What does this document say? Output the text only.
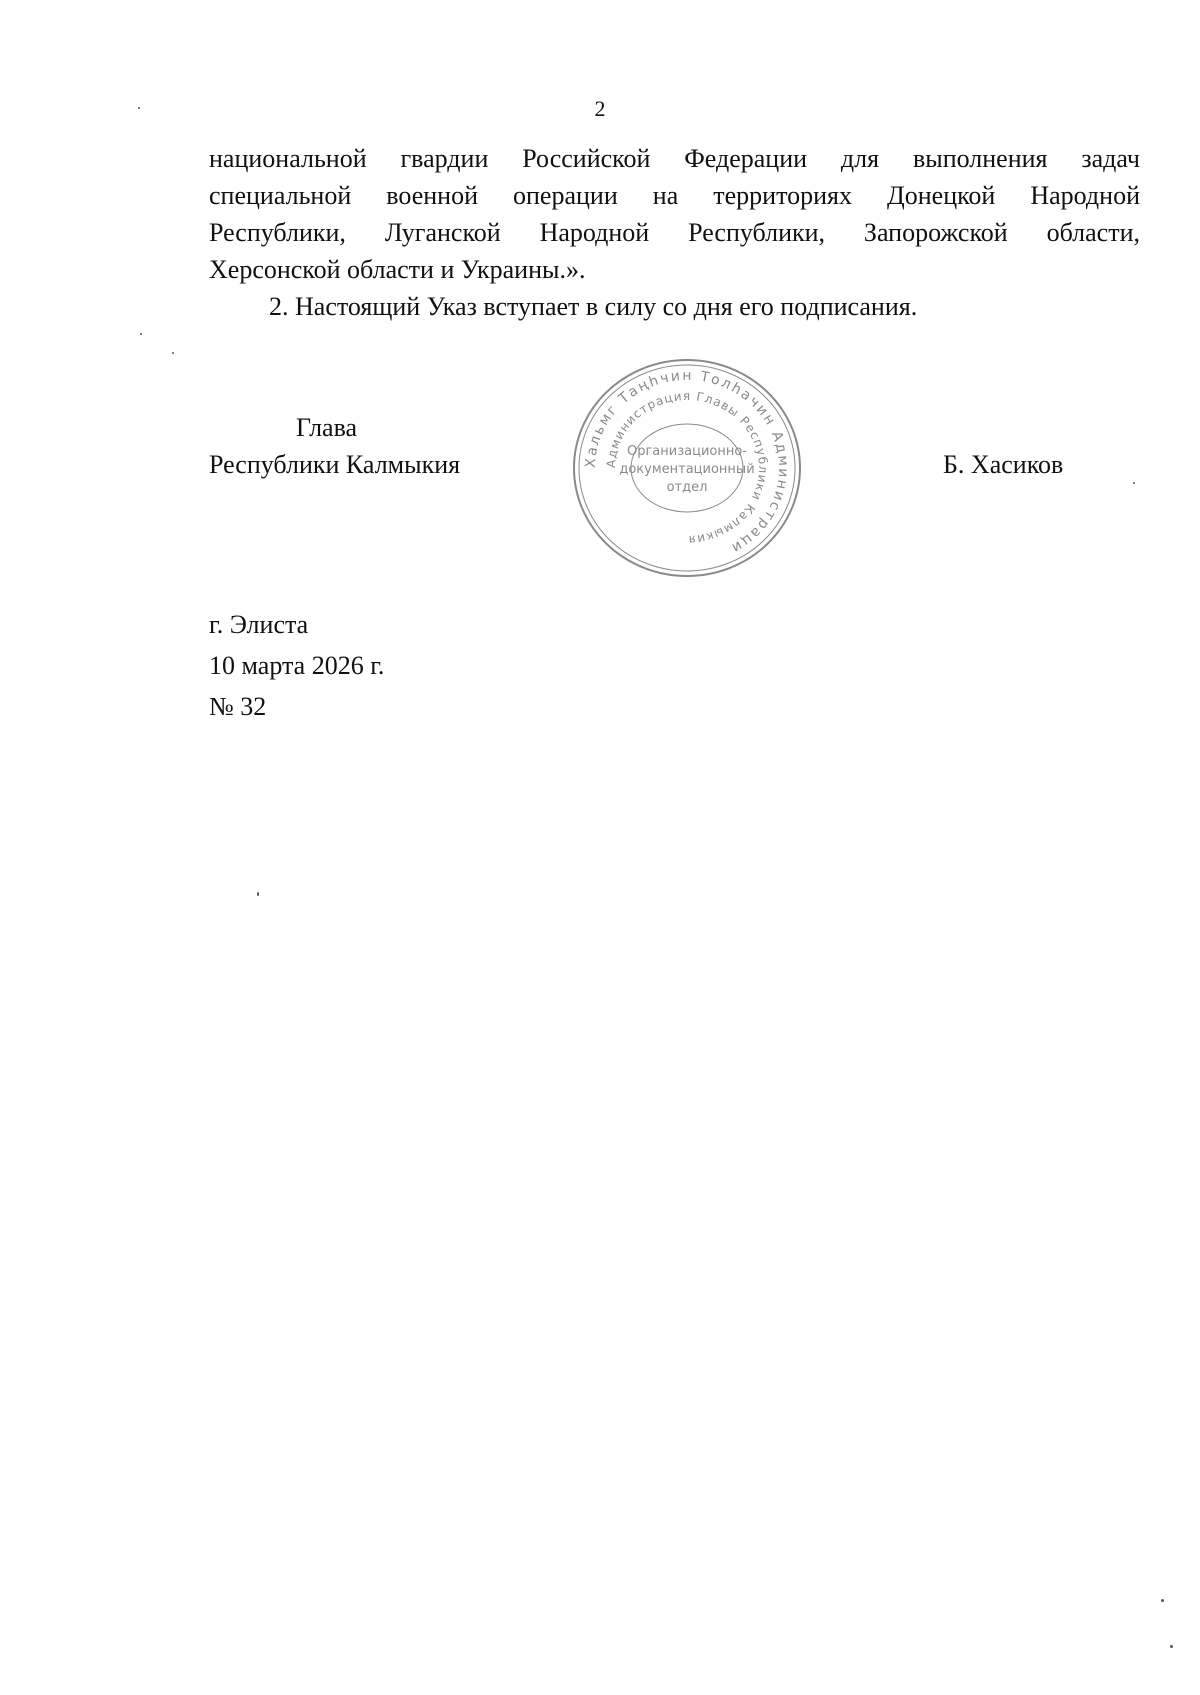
2

национальной гвардии Российской Федерации для выполнения задач
специальной военной операции на территориях Донецкой Народной
Республики, Луганской Народной Республики, Запорожской области,
Херсонской области и Украины.».

2. Настоящий Указ вступает в силу со дня его подписания.

Глава
Республики Калмыкия	Хальмг Таңһчин Толһачин Администраци
Администрация Главы Республики Калмыкия
Организационно-
документационный
отдел
Б. Хасиков
г. Элиста
10 марта 2026 г.
№ 32
